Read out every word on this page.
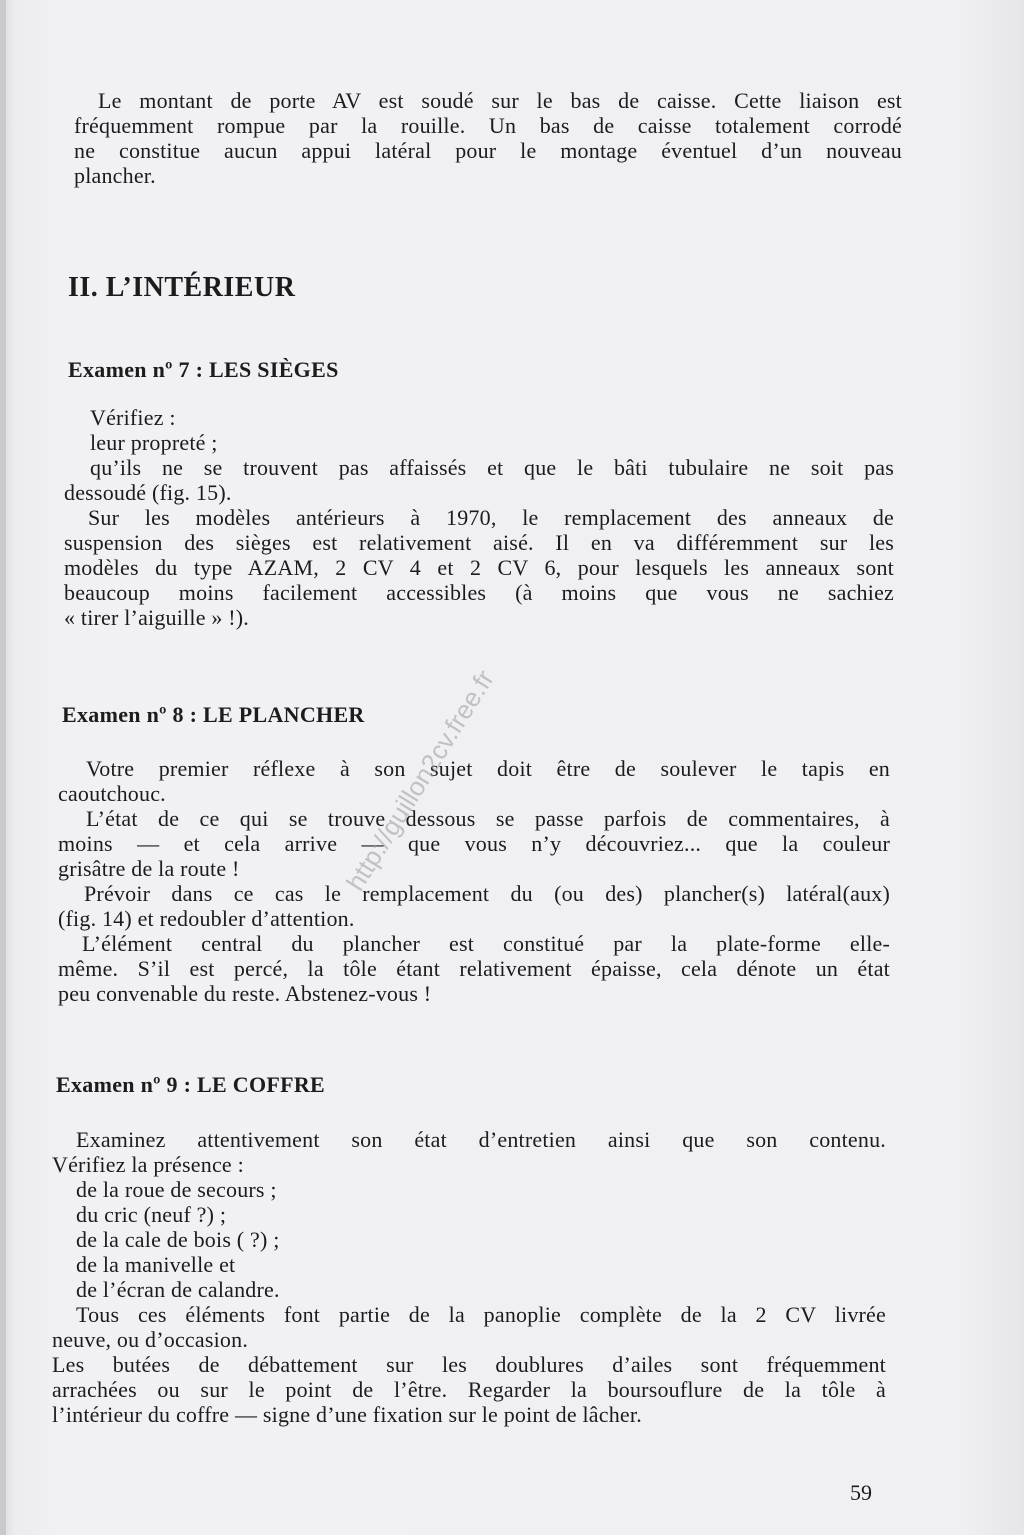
Le montant de porte AV est soudé sur le bas de caisse. Cette liaison est
fréquemment rompue par la rouille. Un bas de caisse totalement corrodé
ne constitue aucun appui latéral pour le montage éventuel d’un nouveau
plancher.
II. L’INTÉRIEUR
Examen nº 7 : LES SIÈGES
Vérifiez :
leur propreté ;
qu’ils ne se trouvent pas affaissés et que le bâti tubulaire ne soit pas
dessoudé (fig. 15).
Sur les modèles antérieurs à 1970, le remplacement des anneaux de
suspension des sièges est relativement aisé. Il en va différemment sur les
modèles du type AZAM, 2 CV 4 et 2 CV 6, pour lesquels les anneaux sont
beaucoup moins facilement accessibles (à moins que vous ne sachiez
« tirer l’aiguille » !).
Examen nº 8 : LE PLANCHER
Votre premier réflexe à son sujet doit être de soulever le tapis en
caoutchouc.
L’état de ce qui se trouve dessous se passe parfois de commentaires, à
moins — et cela arrive — que vous n’y découvriez... que la couleur
grisâtre de la route !
Prévoir dans ce cas le remplacement du (ou des) plancher(s) latéral(aux)
(fig. 14) et redoubler d’attention.
L’élément central du plancher est constitué par la plate-forme elle-
même. S’il est percé, la tôle étant relativement épaisse, cela dénote un état
peu convenable du reste. Abstenez-vous !
Examen nº 9 : LE COFFRE
Examinez attentivement son état d’entretien ainsi que son contenu.
Vérifiez la présence :
de la roue de secours ;
du cric (neuf ?) ;
de la cale de bois ( ?) ;
de la manivelle et
de l’écran de calandre.
Tous ces éléments font partie de la panoplie complète de la 2 CV livrée
neuve, ou d’occasion.
Les butées de débattement sur les doublures d’ailes sont fréquemment
arrachées ou sur le point de l’être. Regarder la boursouflure de la tôle à
l’intérieur du coffre — signe d’une fixation sur le point de lâcher.
http://guillon2cv.free.fr
59
